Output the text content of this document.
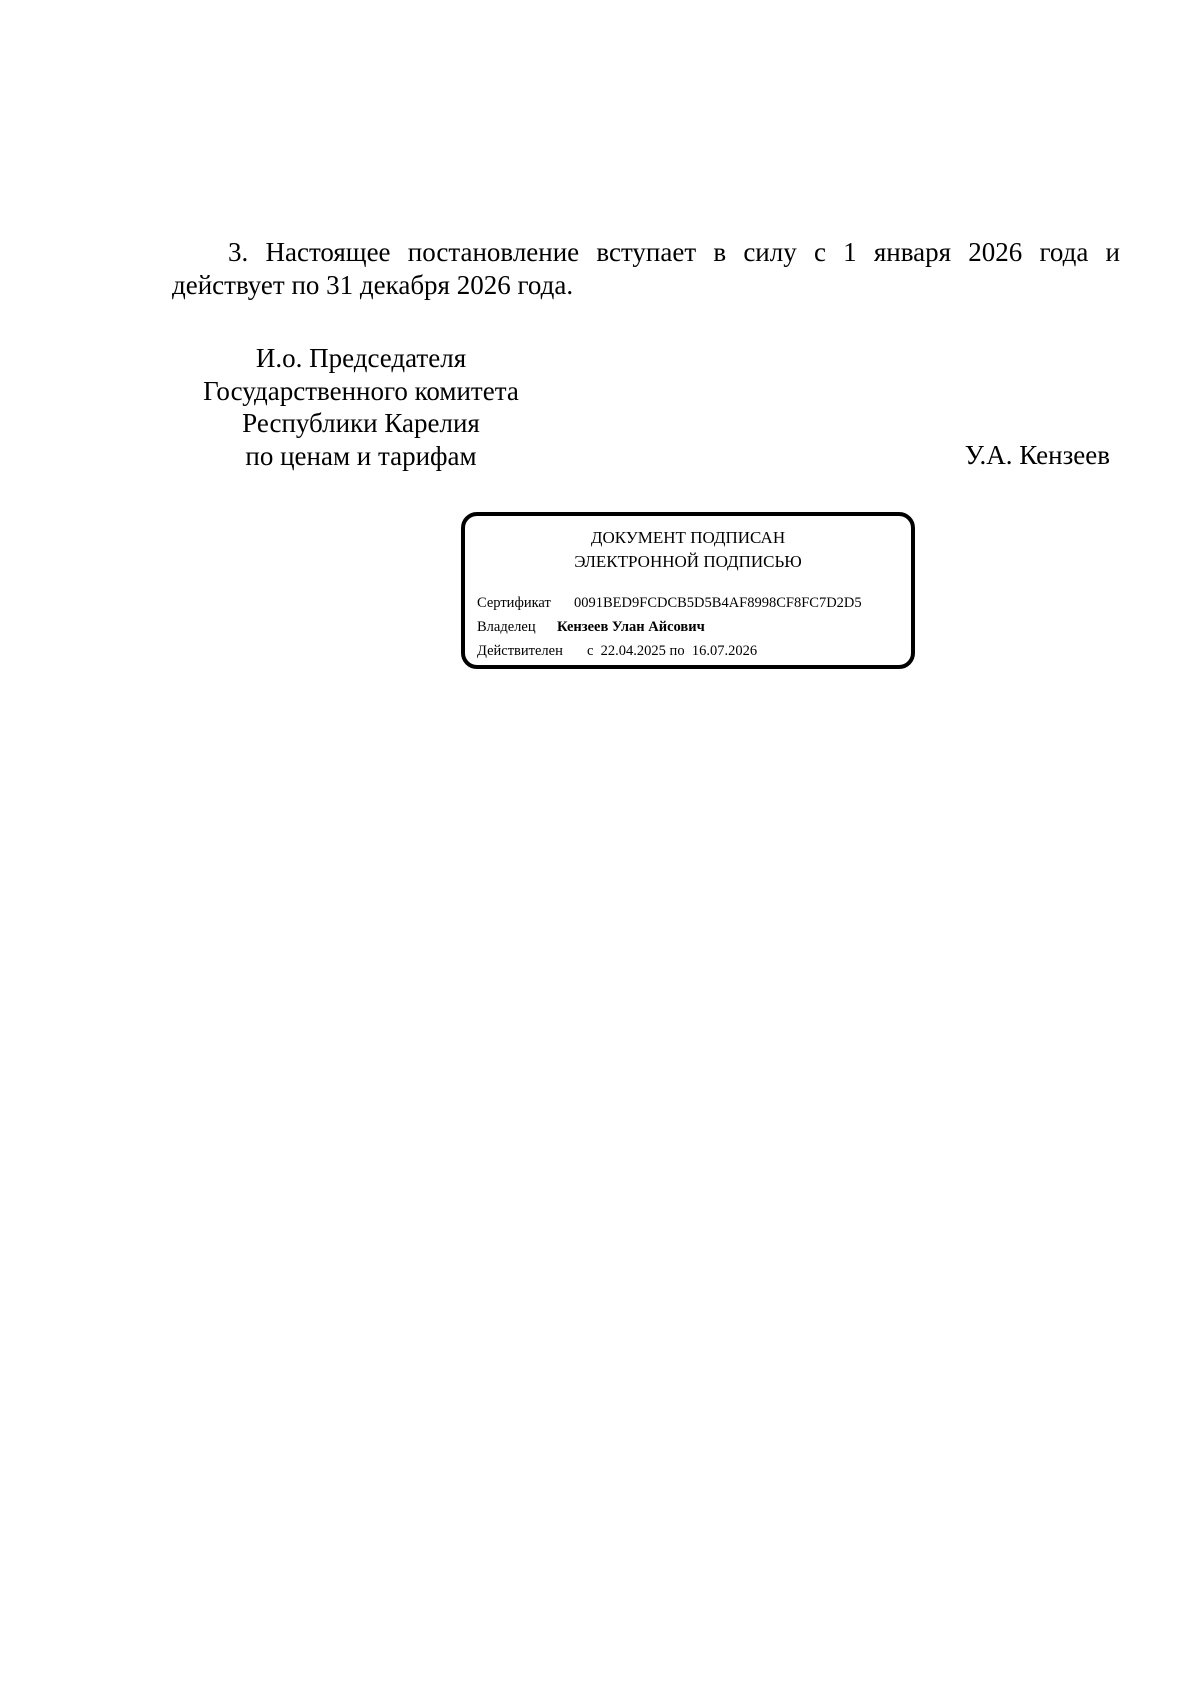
3. Настоящее постановление вступает в силу с 1 января 2026 года и действует по 31 декабря 2026 года.

И.о. Председателя
Государственного комитета
Республики Карелия
по ценам и тарифам	У.А. Кензеев
ДОКУМЕНТ ПОДПИСАН
ЭЛЕКТРОННОЙ ПОДПИСЬЮ
Сертификат 0091BED9FCDCB5D5B4AF8998CF8FC7D2D5
Владелец Кензеев Улан Айсович
Действителен с  22.04.2025 по  16.07.2026
